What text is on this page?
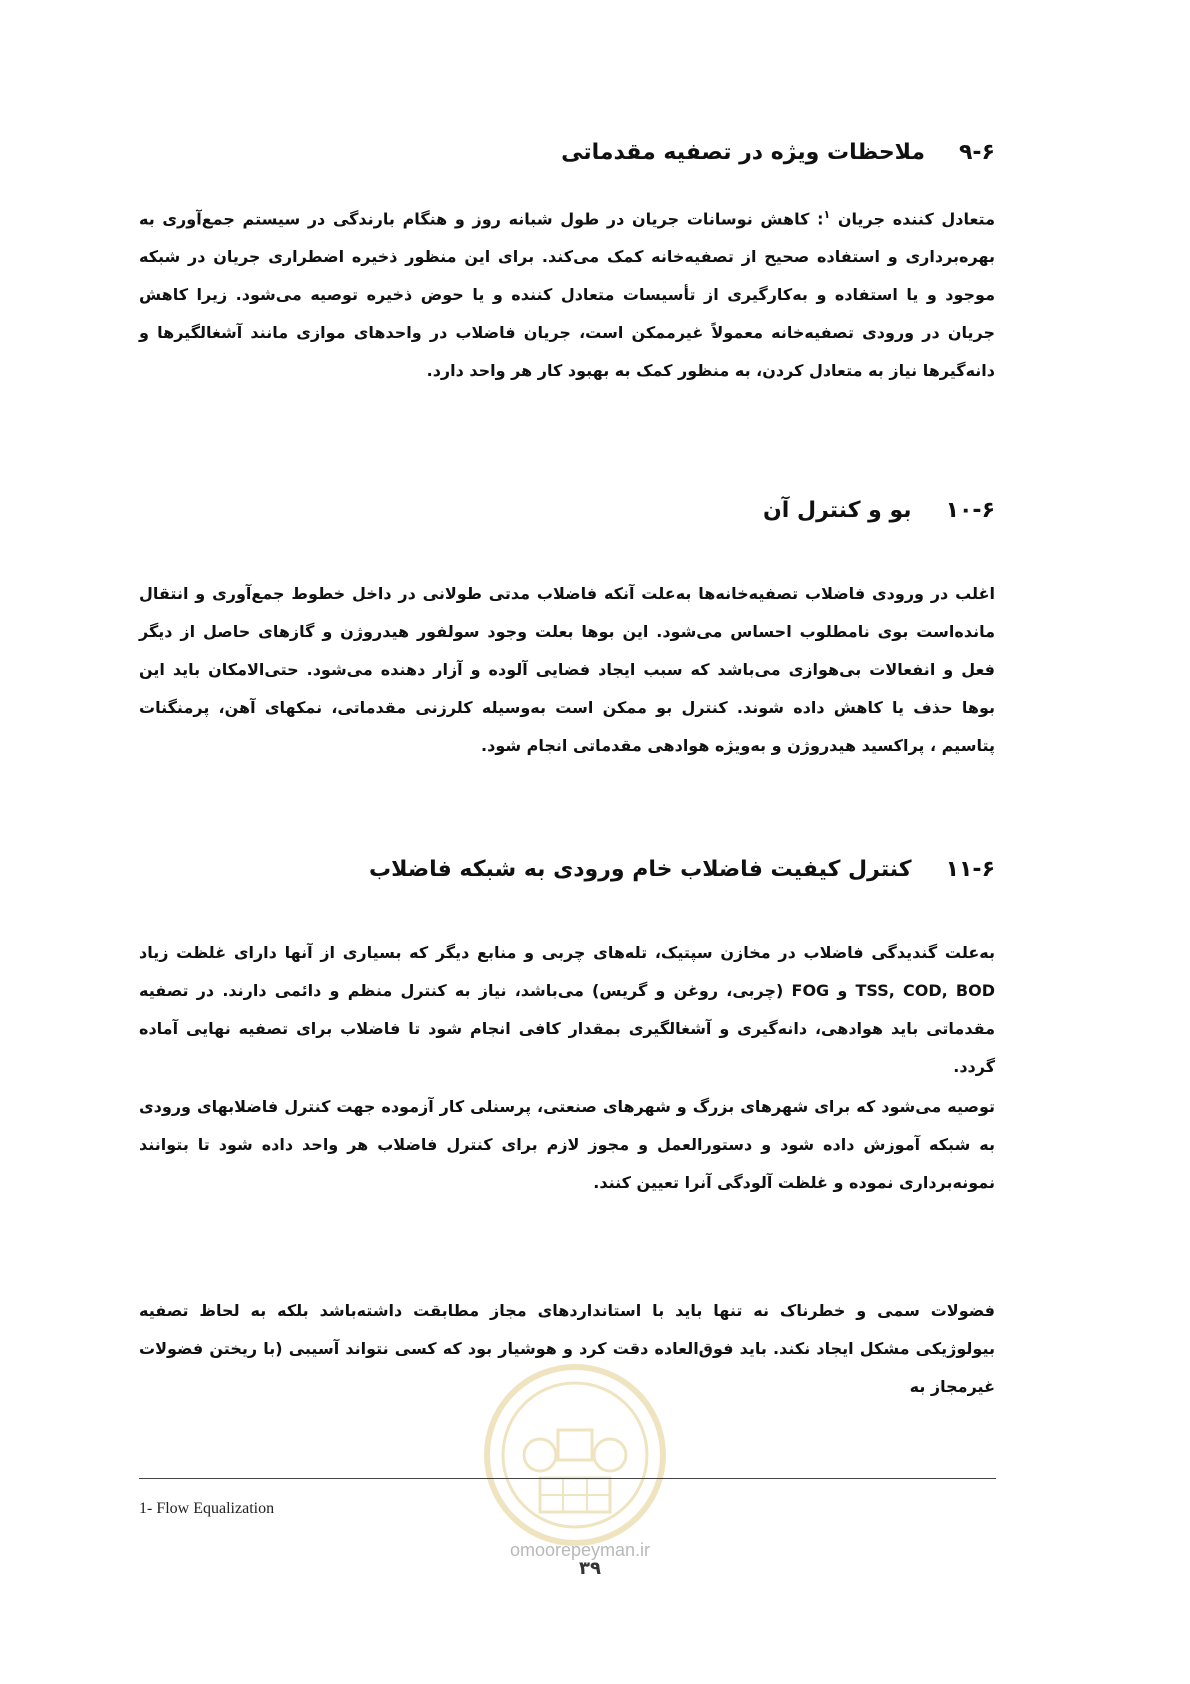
۹-۶ملاحظات ویژه در تصفیه مقدماتی

متعادل کننده جریان $^۱$: کاهش نوسانات جریان در طول شبانه روز و هنگام بارندگی در سیستم جمع‌آوری به بهره‌برداری و استفاده صحیح از تصفیه‌خانه کمک می‌کند. برای این منظور ذخیره اضطراری جریان در شبکه موجود و یا استفاده و به‌کارگیری از تأسیسات متعادل کننده و یا حوض ذخیره توصیه می‌شود. زیرا کاهش جریان در ورودی تصفیه‌خانه معمولاً غیرممکن است، جریان فاضلاب در واحدهای موازی مانند آشغالگیرها و دانه‌گیرها نیاز به متعادل کردن، به منظور کمک به بهبود کار هر واحد دارد.

۱۰-۶بو و کنترل آن

اغلب در ورودی فاضلاب تصفیه‌خانه‌ها به‌علت آنکه فاضلاب مدتی طولانی در داخل خطوط جمع‌آوری و انتقال مانده‌است بوی نامطلوب احساس می‌شود. این بوها بعلت وجود سولفور هیدروژن و گازهای حاصل از دیگر فعل و انفعالات بی‌هوازی می‌باشد که سبب ایجاد فضایی آلوده و آزار دهنده می‌شود. حتی‌الامکان باید این بوها حذف یا کاهش داده شوند. کنترل بو ممکن است به‌وسیله کلرزنی مقدماتی، نمکهای آهن، پرمنگنات پتاسیم ، پراکسید هیدروژن و به‌ویژه هوادهی مقدماتی انجام شود.

۱۱-۶کنترل کیفیت فاضلاب خام ورودی به شبکه فاضلاب

به‌علت گندیدگی فاضلاب در مخازن سپتیک، تله‌های چربی و منابع دیگر که بسیاری از آنها دارای غلظت زیاد TSS, COD, BOD و FOG (چربی، روغن و گریس) می‌باشد، نیاز به کنترل منظم و دائمی دارند. در تصفیه مقدماتی باید هوادهی، دانه‌گیری و آشغالگیری بمقدار کافی انجام شود تا فاضلاب برای تصفیه نهایی آماده گردد.

توصیه می‌شود که برای شهرهای بزرگ و شهرهای صنعتی، پرسنلی کار آزموده جهت کنترل فاضلابهای ورودی به شبکه آموزش داده شود و دستورالعمل و مجوز لازم برای کنترل فاضلاب هر واحد داده شود تا بتوانند نمونه‌برداری نموده و غلظت آلودگی آنرا تعیین کنند.

فضولات سمی و خطرناک نه تنها باید با استانداردهای مجاز مطابقت داشته‌باشد بلکه به لحاظ تصفیه بیولوژیکی مشکل ایجاد نکند. باید فوق‌العاده دقت کرد و هوشیار بود که کسی نتواند آسیبی (با ریختن فضولات غیرمجاز به

1- Flow Equalization
omoorepeyman.ir
۳۹
